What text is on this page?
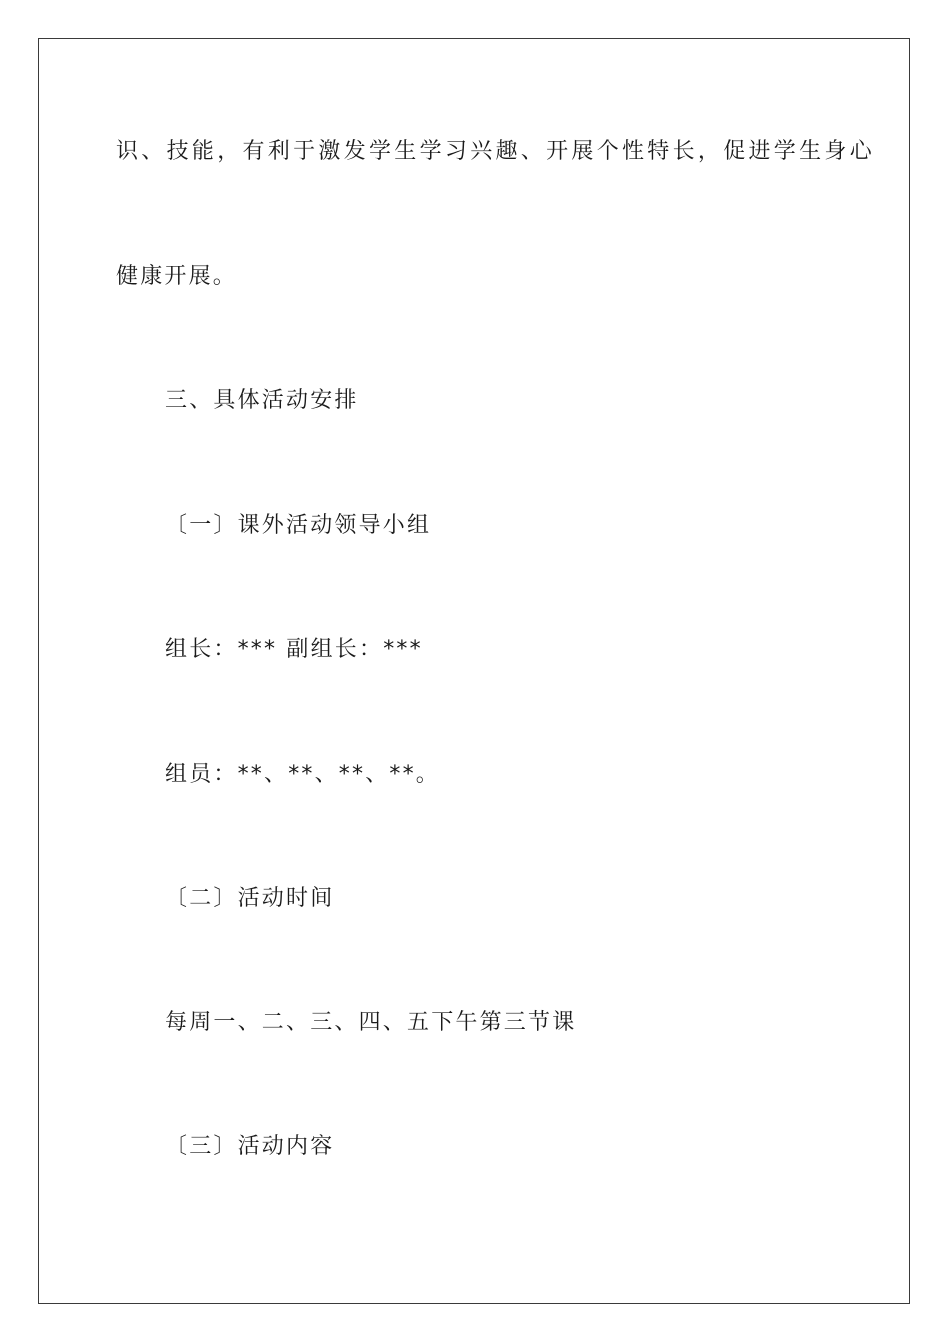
识、技能，有利于激发学生学习兴趣、开展个性特长，促进学生身心
健康开展。
三、具体活动安排
〔一〕课外活动领导小组
组长：*** 副组长：***
组员：**、**、**、**。
〔二〕活动时间
每周一、二、三、四、五下午第三节课
〔三〕活动内容
